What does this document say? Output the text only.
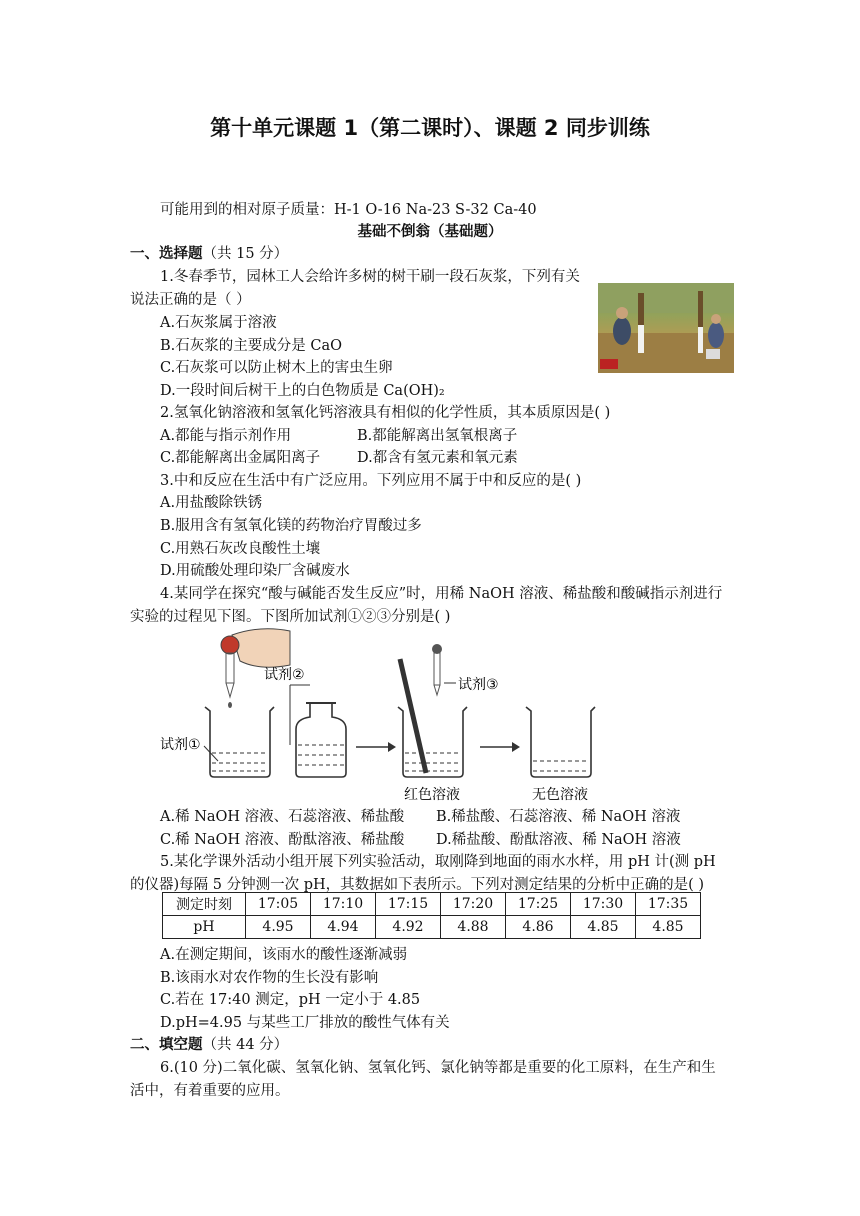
第十单元课题 1（第二课时）、课题 2 同步训练
可能用到的相对原子质量：H-1 O-16 Na-23 S-32 Ca-40
基础不倒翁（基础题）
一、选择题（共 15 分）
1.冬春季节，园林工人会给许多树的树干刷一段石灰浆，下列有关
说法正确的是（ ）
A.石灰浆属于溶液
B.石灰浆的主要成分是 CaO
C.石灰浆可以防止树木上的害虫生卵
D.一段时间后树干上的白色物质是 Ca(OH)₂
2.氢氧化钠溶液和氢氧化钙溶液具有相似的化学性质，其本质原因是( )
A.都能与指示剂作用	B.都能解离出氢氧根离子
C.都能解离出金属阳离子	D.都含有氢元素和氧元素
3.中和反应在生活中有广泛应用。下列应用不属于中和反应的是( )
A.用盐酸除铁锈
B.服用含有氢氧化镁的药物治疗胃酸过多
C.用熟石灰改良酸性土壤
D.用硫酸处理印染厂含碱废水
4.某同学在探究“酸与碱能否发生反应”时，用稀 NaOH 溶液、稀盐酸和酸碱指示剂进行
实验的过程见下图。下图所加试剂①②③分别是( )
试剂①
试剂②
试剂③
红色溶液	无色溶液
A.稀 NaOH 溶液、石蕊溶液、稀盐酸 B.稀盐酸、石蕊溶液、稀 NaOH 溶液
C.稀 NaOH 溶液、酚酞溶液、稀盐酸 D.稀盐酸、酚酞溶液、稀 NaOH 溶液
5.某化学课外活动小组开展下列实验活动，取刚降到地面的雨水水样，用 pH 计(测 pH
的仪器)每隔 5 分钟测一次 pH，其数据如下表所示。下列对测定结果的分析中正确的是( )
测定时刻	17:05	17:10	17:15	17:20	17:25	17:30	17:35
pH	4.95	4.94	4.92	4.88	4.86	4.85	4.85
A.在测定期间，该雨水的酸性逐渐减弱
B.该雨水对农作物的生长没有影响
C.若在 17:40 测定，pH 一定小于 4.85
D.pH=4.95 与某些工厂排放的酸性气体有关
二、填空题（共 44 分）
6.(10 分)二氧化碳、氢氧化钠、氢氧化钙、氯化钠等都是重要的化工原料，在生产和生
活中，有着重要的应用。
